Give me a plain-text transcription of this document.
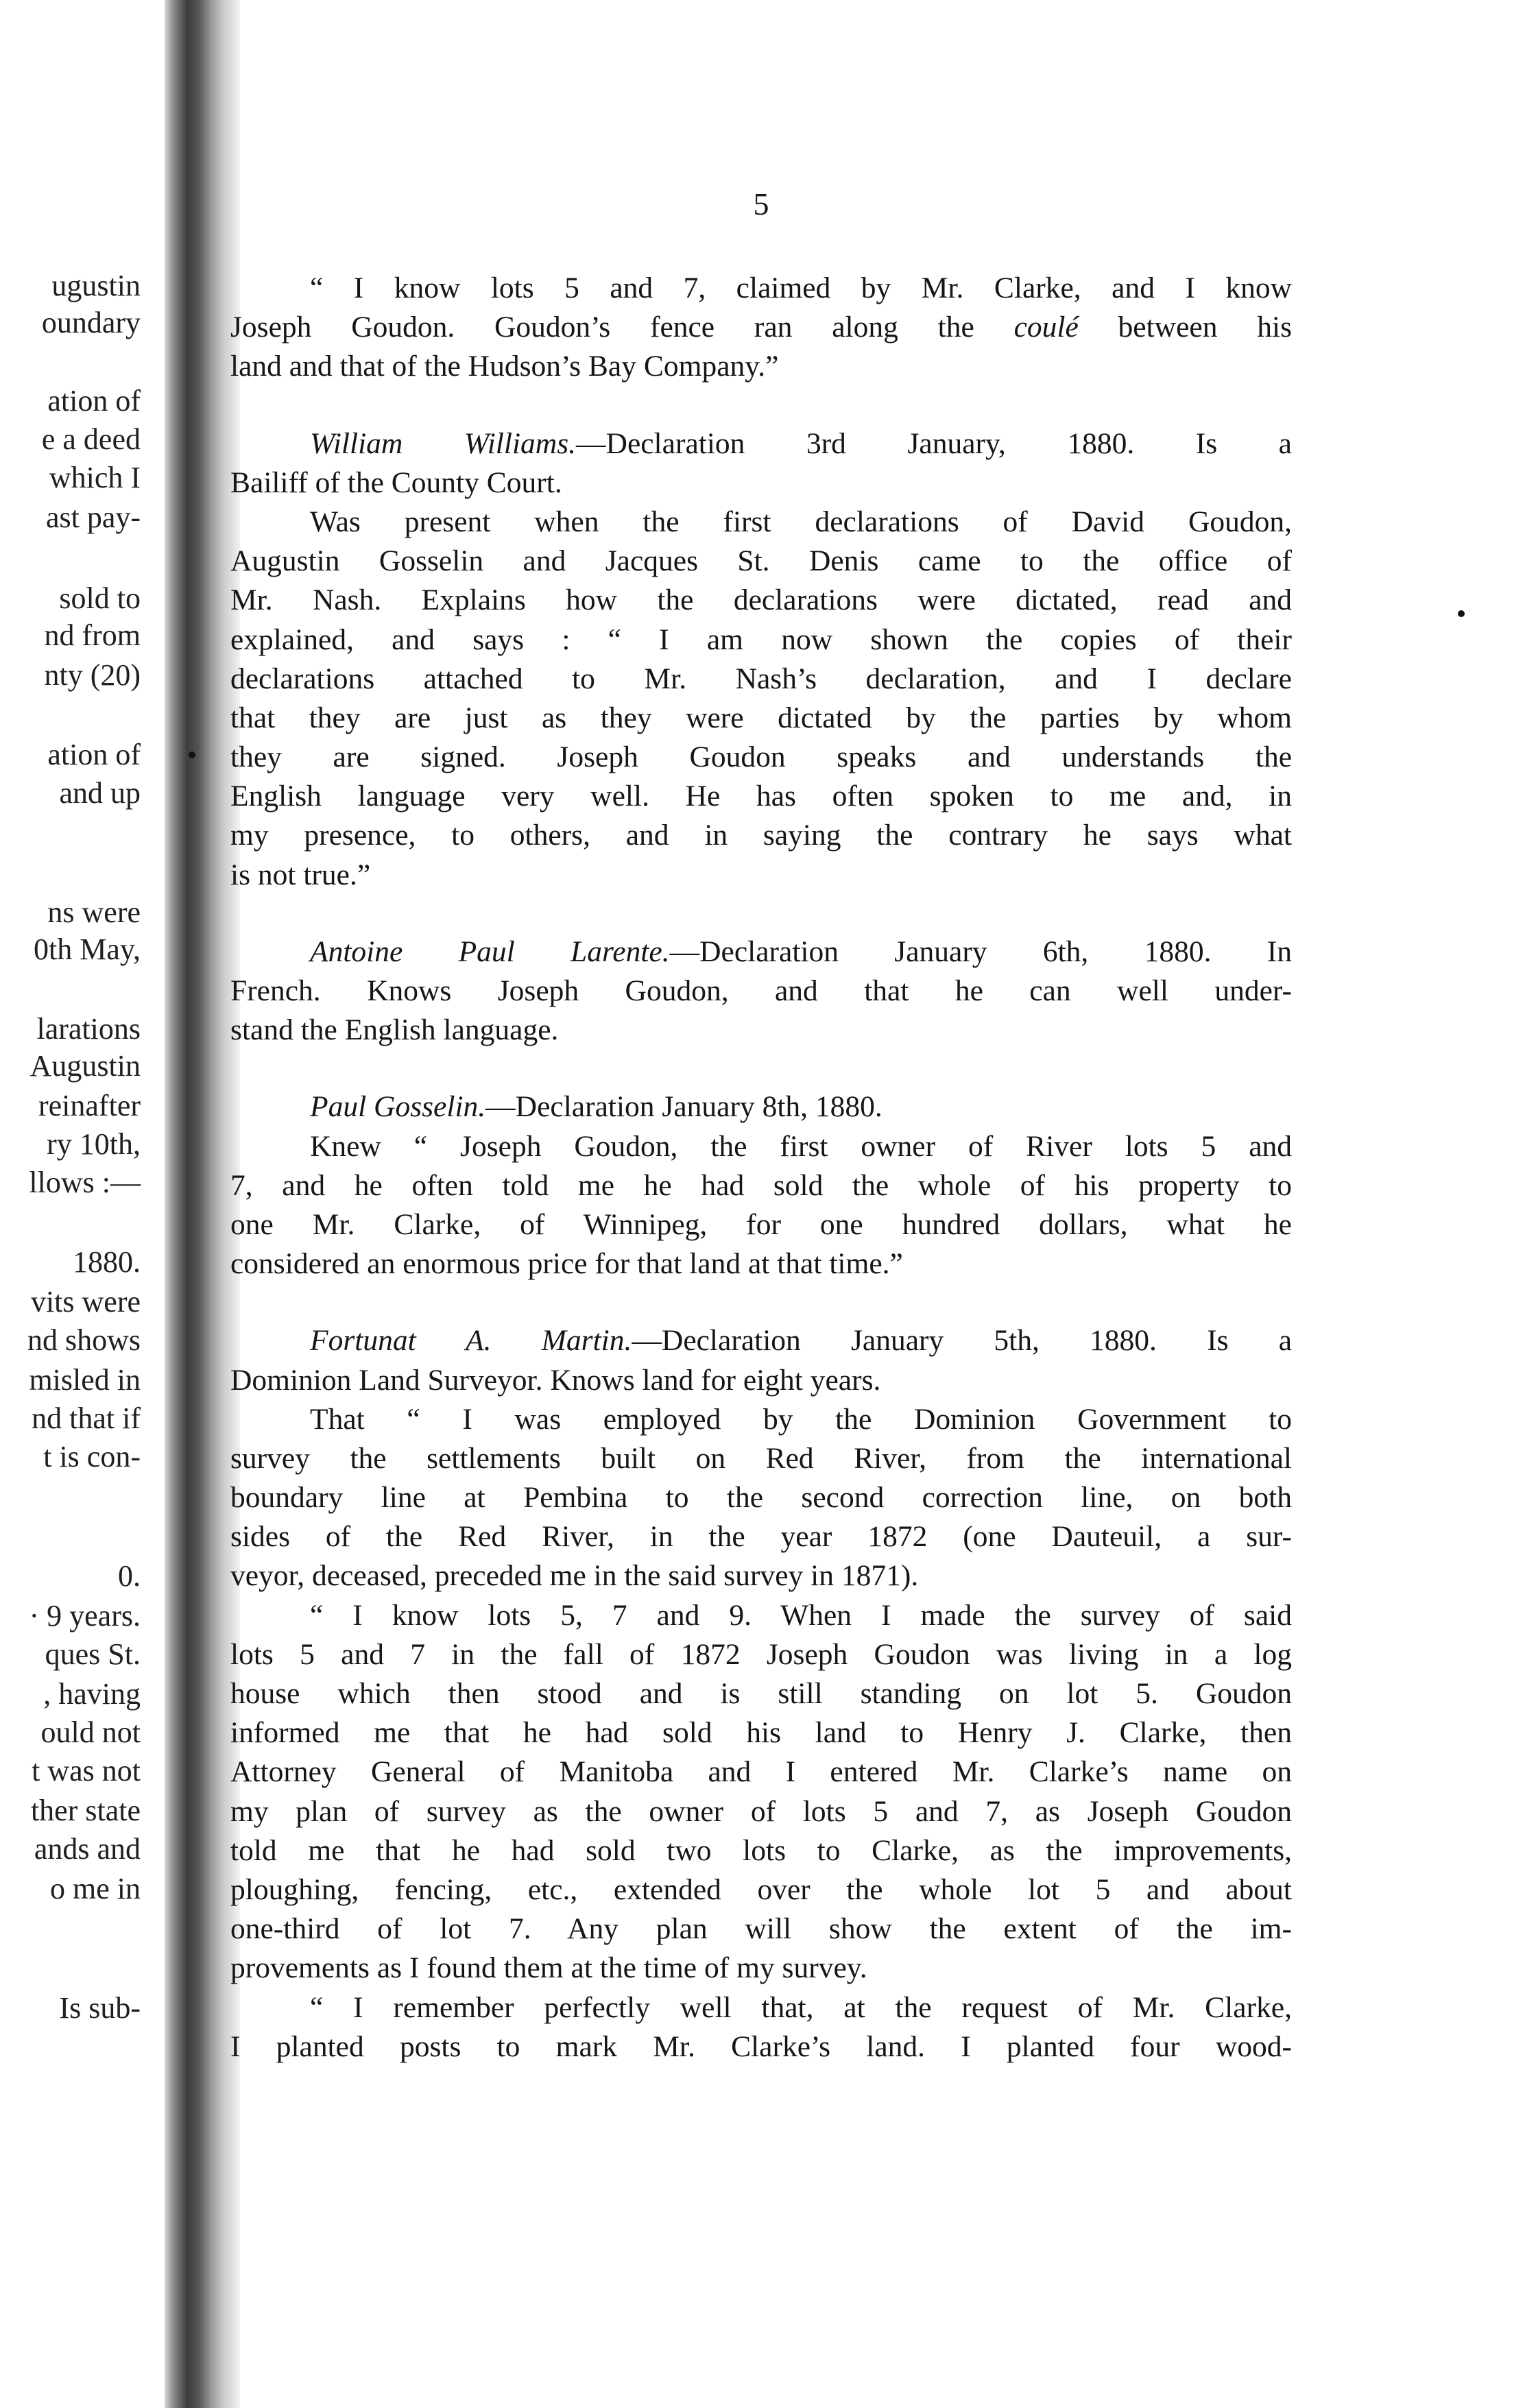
ugustin
oundary
ation of
e a deed
which I
ast pay-
sold to
nd from
nty (20)
ation of
and up
ns were
0th May,
larations
Augustin
reinafter
ry 10th,
llows :—
1880.
vits were
nd shows
misled in
nd that if
t is con-
0.
· 9 years.
ques St.
, having
ould not
t was not
ther state
ands and
o me in
Is sub-
5
“ I know lots 5 and 7, claimed by Mr. Clarke, and I know
Joseph Goudon. Goudon’s fence ran along the coulé between his
land and that of the Hudson’s Bay Company.”
William Williams.—Declaration 3rd January, 1880. Is a
Bailiff of the County Court.
Was present when the first declarations of David Goudon,
Augustin Gosselin and Jacques St. Denis came to the office of
Mr. Nash. Explains how the declarations were dictated, read and
explained, and says : “ I am now shown the copies of their
declarations attached to Mr. Nash’s declaration, and I declare
that they are just as they were dictated by the parties by whom
they are signed. Joseph Goudon speaks and understands the
English language very well. He has often spoken to me and, in
my presence, to others, and in saying the contrary he says what
is not true.”
Antoine Paul Larente.—Declaration January 6th, 1880. In
French. Knows Joseph Goudon, and that he can well under-
stand the English language.
Paul Gosselin.—Declaration January 8th, 1880.
Knew “ Joseph Goudon, the first owner of River lots 5 and
7, and he often told me he had sold the whole of his property to
one Mr. Clarke, of Winnipeg, for one hundred dollars, what he
considered an enormous price for that land at that time.”
Fortunat A. Martin.—Declaration January 5th, 1880. Is a
Dominion Land Surveyor. Knows land for eight years.
That “ I was employed by the Dominion Government to
survey the settlements built on Red River, from the international
boundary line at Pembina to the second correction line, on both
sides of the Red River, in the year 1872 (one Dauteuil, a sur-
veyor, deceased, preceded me in the said survey in 1871).
“ I know lots 5, 7 and 9. When I made the survey of said
lots 5 and 7 in the fall of 1872 Joseph Goudon was living in a log
house which then stood and is still standing on lot 5. Goudon
informed me that he had sold his land to Henry J. Clarke, then
Attorney General of Manitoba and I entered Mr. Clarke’s name on
my plan of survey as the owner of lots 5 and 7, as Joseph Goudon
told me that he had sold two lots to Clarke, as the improvements,
ploughing, fencing, etc., extended over the whole lot 5 and about
one-third of lot 7. Any plan will show the extent of the im-
provements as I found them at the time of my survey.
“ I remember perfectly well that, at the request of Mr. Clarke,
I planted posts to mark Mr. Clarke’s land. I planted four wood-
